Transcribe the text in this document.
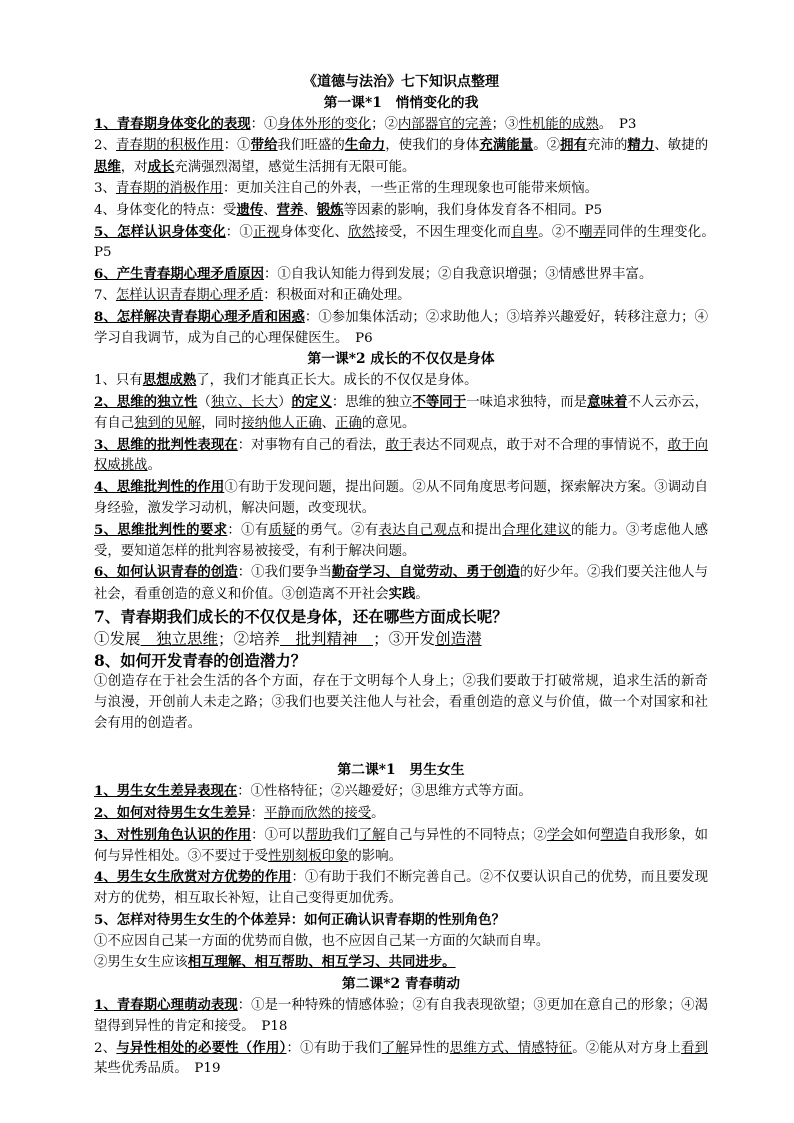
《道德与法治》七下知识点整理
第一课*1　悄悄变化的我

1、青春期身体变化的表现：①身体外形的变化；②内部器官的完善；③性机能的成熟。　P3

2、青春期的积极作用：①带给我们旺盛的生命力，使我们的身体充满能量。②拥有充沛的精力、敏捷的思维，对成长充满强烈渴望，感觉生活拥有无限可能。

3、青春期的消极作用：更加关注自己的外表，一些正常的生理现象也可能带来烦恼。

4、身体变化的特点：受遗传、营养、锻炼等因素的影响，我们身体发育各不相同。P5

5、怎样认识身体变化：①正视身体变化、欣然接受，不因生理变化而自卑。②不嘲弄同伴的生理变化。　P5

6、产生青春期心理矛盾原因：①自我认知能力得到发展；②自我意识增强；③情感世界丰富。

7、怎样认识青春期心理矛盾：积极面对和正确处理。

8、怎样解决青春期心理矛盾和困惑：①参加集体活动；②求助他人；③培养兴趣爱好，转移注意力；④学习自我调节，成为自己的心理保健医生。　P6

第一课*2 成长的不仅仅是身体

1、只有思想成熟了，我们才能真正长大。成长的不仅仅是身体。

2、思维的独立性（独立、长大）的定义：思维的独立不等同于一味追求独特，而是意味着不人云亦云，有自己独到的见解，同时接纳他人正确、正确的意见。

3、思维的批判性表现在：对事物有自己的看法，敢于表达不同观点，敢于对不合理的事情说不，敢于向权威挑战。

4、思维批判性的作用①有助于发现问题，提出问题。②从不同角度思考问题，探索解决方案。③调动自身经验，激发学习动机，解决问题，改变现状。

5、思维批判性的要求：①有质疑的勇气。②有表达自己观点和提出合理化建议的能力。③考虑他人感受，要知道怎样的批判容易被接受，有利于解决问题。

6、如何认识青春的创造：①我们要争当勤奋学习、自觉劳动、勇于创造的好少年。②我们要关注他人与社会，看重创造的意义和价值。③创造离不开社会实践。

7、青春期我们成长的不仅仅是身体，还在哪些方面成长呢？

①发展　独立思维；②培养　批判精神　；③开发创造潜

8、如何开发青春的创造潜力？

①创造存在于社会生活的各个方面，存在于文明每个人身上；②我们要敢于打破常规，追求生活的新奇与浪漫，开创前人未走之路；③我们也要关注他人与社会，看重创造的意义与价值，做一个对国家和社会有用的创造者。

第二课*1　男生女生

1、男生女生差异表现在：①性格特征；②兴趣爱好；③思维方式等方面。

2、如何对待男生女生差异：平静而欣然的接受。

3、对性别角色认识的作用：①可以帮助我们了解自己与异性的不同特点；②学会如何塑造自我形象，如何与异性相处。③不要过于受性别刻板印象的影响。

4、男生女生欣赏对方优势的作用：①有助于我们不断完善自己。②不仅要认识自己的优势，而且要发现对方的优势，相互取长补短，让自己变得更加优秀。

5、怎样对待男生女生的个体差异：如何正确认识青春期的性别角色？

①不应因自己某一方面的优势而自傲，也不应因自己某一方面的欠缺而自卑。

②男生女生应该相互理解、相互帮助、相互学习、共同进步。

第二课*2 青春萌动

1、青春期心理萌动表现：①是一种特殊的情感体验；②有自我表现欲望；③更加在意自己的形象；④渴望得到异性的肯定和接受。　P18

2、与异性相处的必要性（作用）：①有助于我们了解异性的思维方式、情感特征。②能从对方身上看到某些优秀品质。　P19
